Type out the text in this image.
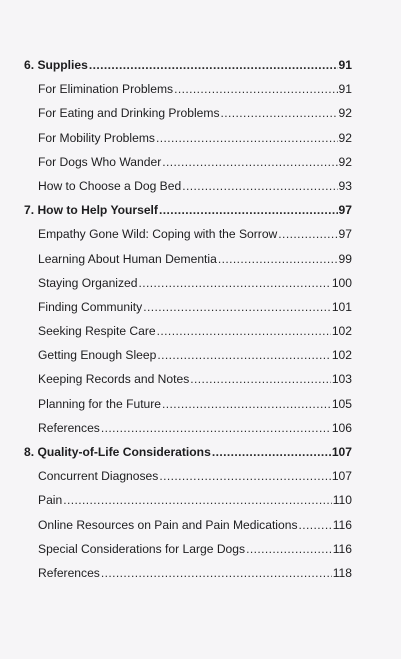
6. Supplies .....	91
For Elimination Problems .....	91
For Eating and Drinking Problems .....	92
For Mobility Problems .....	92
For Dogs Who Wander .....	92
How to Choose a Dog Bed .....	93
7. How to Help Yourself .....	97
Empathy Gone Wild: Coping with the Sorrow .....	97
Learning About Human Dementia .....	99
Staying Organized .....	100
Finding Community .....	101
Seeking Respite Care .....	102
Getting Enough Sleep .....	102
Keeping Records and Notes .....	103
Planning for the Future .....	105
References .....	106
8. Quality-of-Life Considerations .....	107
Concurrent Diagnoses .....	107
Pain .....	110
Online Resources on Pain and Pain Medications .....	116
Special Considerations for Large Dogs .....	116
References .....	118
